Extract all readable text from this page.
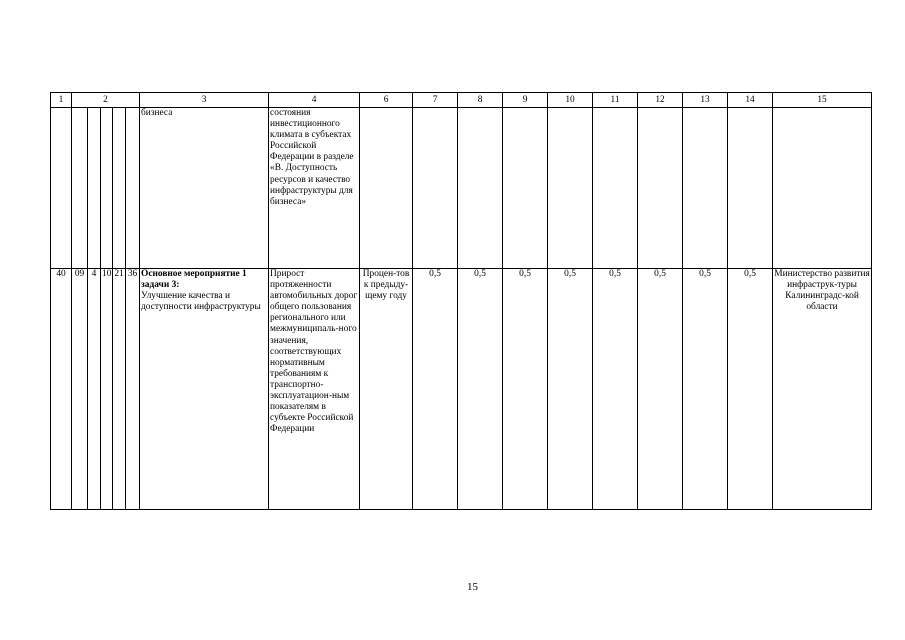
1	2					3	4	6	7	8	9	10	11	12	13	14	15
						бизнеса	состояния инвестиционного климата в субъектах Российской Федерации в разделе «В. Доступность ресурсов и качество инфраструктуры для бизнеса»										
40	09	4	10	21	36	Основное мероприятие 1 задачи 3:
Улучшение качества и доступности инфраструктуры	Прирост протяженности автомобильных дорог общего пользования регионального или межмуниципаль-ного значения, соответствующих нормативным требованиям к транспортно-эксплуатацион-ным показателям в субъекте Российской Федерации	Процен-тов к предыду-щему году	0,5	0,5	0,5	0,5	0,5	0,5	0,5	0,5	Министерство развития инфраструк-туры Калининградс-кой области
15
